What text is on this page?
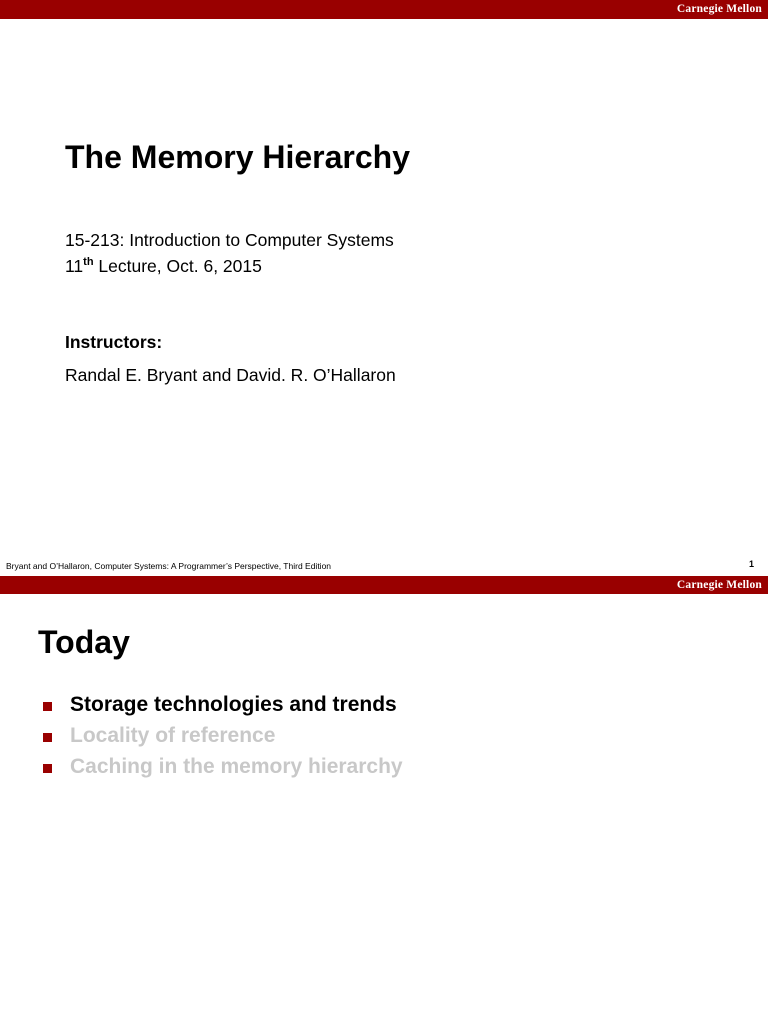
Carnegie Mellon
The Memory Hierarchy

15-213: Introduction to Computer Systems

11th Lecture, Oct. 6, 2015

Instructors:

Randal E. Bryant and David. R. O’Hallaron

Bryant and O’Hallaron, Computer Systems: A Programmer’s Perspective, Third Edition	1
Carnegie Mellon
Today
Storage technologies and trends
Locality of reference
Caching in the memory hierarchy
